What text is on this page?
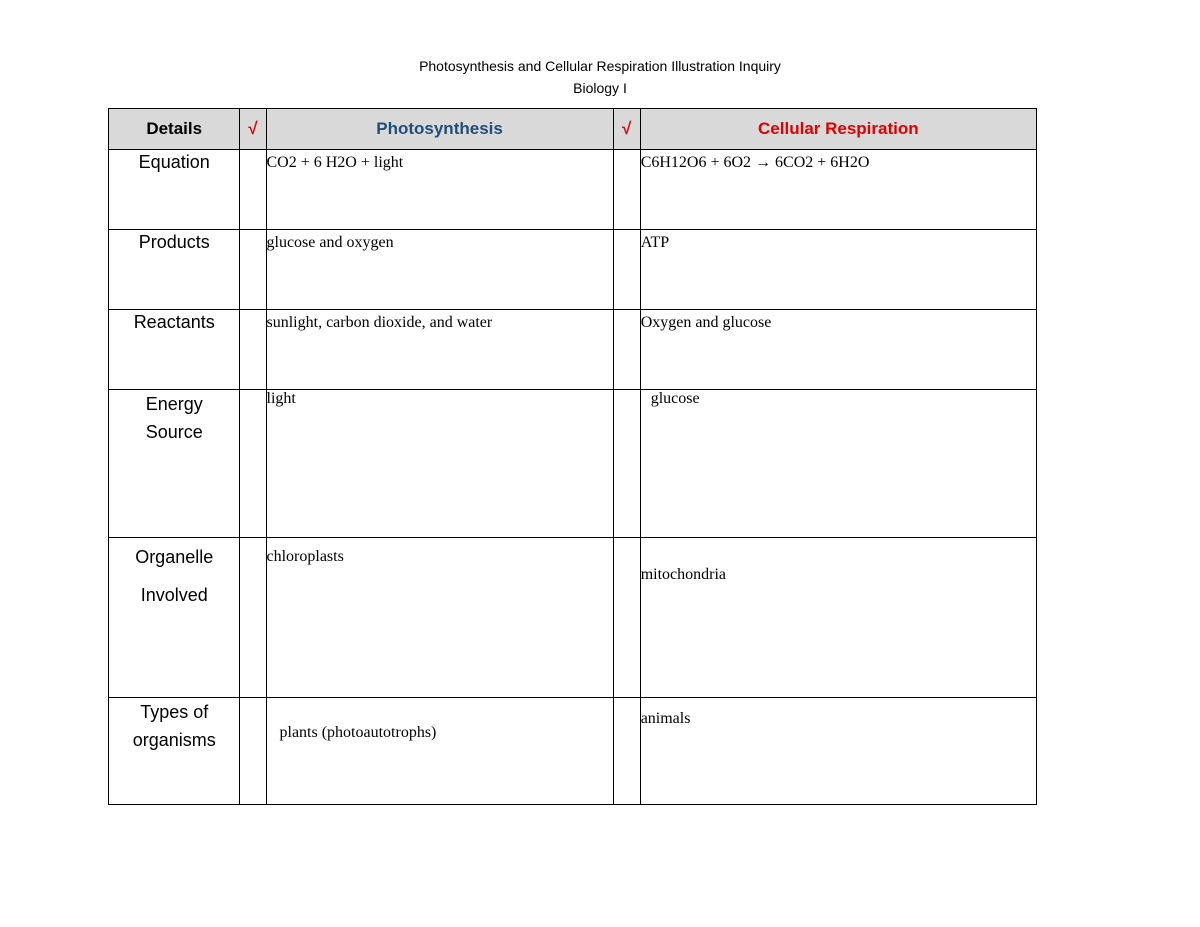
Photosynthesis and Cellular Respiration Illustration Inquiry
Biology I
Details	√	Photosynthesis	√	Cellular Respiration
Equation		CO2 + 6 H2O + light		C6H12O6 + 6O2 → 6CO2 + 6H2O

Products		glucose and oxygen		ATP

Reactants		sunlight, carbon dioxide, and water		Oxygen and glucose

Energy
Source		light		glucose

Organelle
Involved		chloroplasts		mitochondria

Types of
organisms		plants (photoautotrophs)		animals
